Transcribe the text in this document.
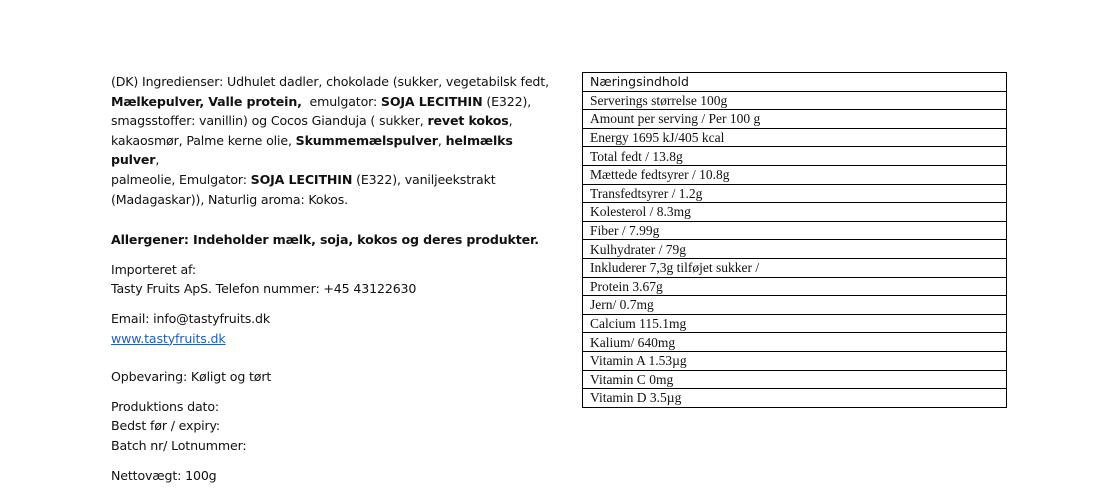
(DK) Ingredienser: Udhulet dadler, chokolade (sukker, vegetabilsk fedt,

Mælkepulver, Valle protein,  emulgator: SOJA LECITHIN (E322),

smagsstoffer: vanillin) og Cocos Gianduja ( sukker, revet kokos,

kakaosmør, Palme kerne olie, Skummemælspulver, helmælks pulver,

palmeolie, Emulgator: SOJA LECITHIN (E322), vaniljeekstrakt

(Madagaskar)), Naturlig aroma: Kokos.

Allergener: Indeholder mælk, soja, kokos og deres produkter.

Importeret af:

Tasty Fruits ApS. Telefon nummer: +45 43122630

Email: info@tastyfruits.dk

www.tastyfruits.dk

Opbevaring: Køligt og tørt

Produktions dato:

Bedst før / expiry:

Batch nr/ Lotnummer:

Nettovægt: 100g

Næringsindhold
Serverings størrelse 100g
Amount per serving / Per 100 g
Energy 1695 kJ/405 kcal
Total fedt / 13.8g
Mættede fedtsyrer / 10.8g
Transfedtsyrer / 1.2g
Kolesterol / 8.3mg
Fiber / 7.99g
Kulhydrater / 79g
Inkluderer 7,3g tilføjet sukker /
Protein 3.67g
Jern/ 0.7mg
Calcium 115.1mg
Kalium/ 640mg
Vitamin A 1.53µg
Vitamin C 0mg
Vitamin D 3.5µg
